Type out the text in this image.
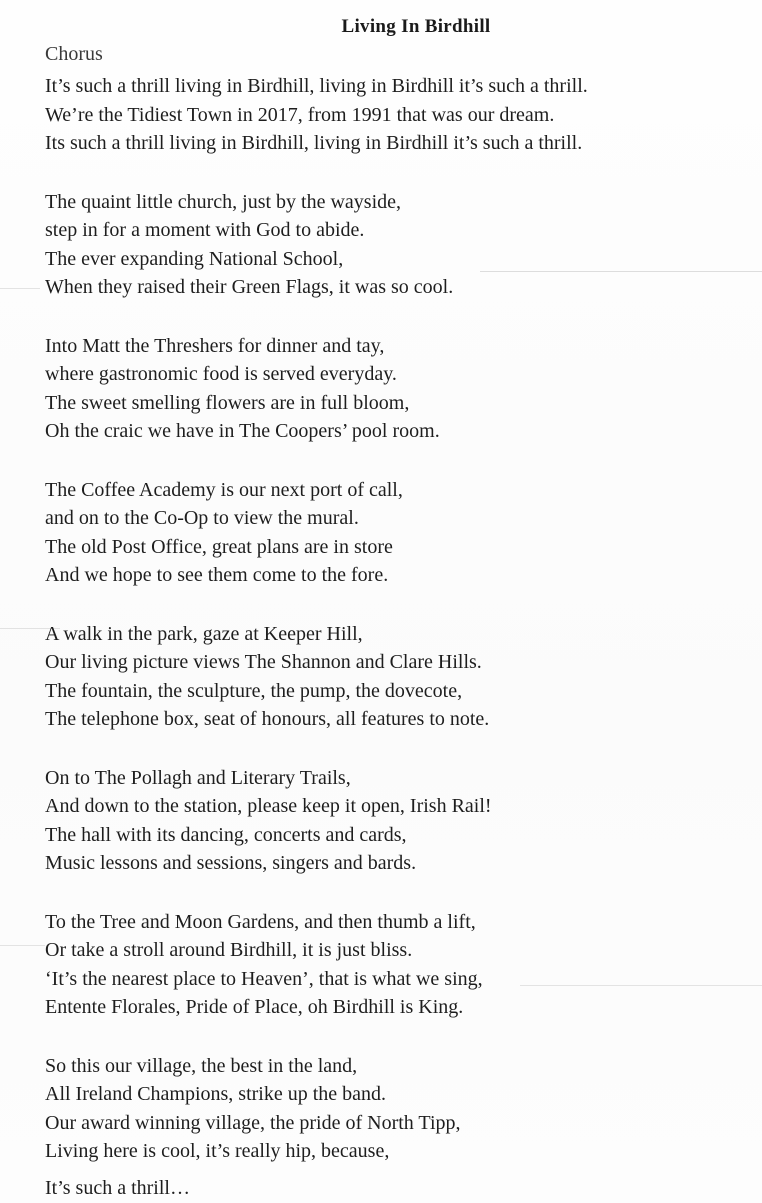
Living In Birdhill
Chorus
It’s such a thrill living in Birdhill, living in Birdhill it’s such a thrill.
We’re the Tidiest Town in 2017, from 1991 that was our dream.
Its such a thrill living in Birdhill, living in Birdhill it’s such a thrill.
The quaint little church, just by the wayside,
step in for a moment with God to abide.
The ever expanding National School,
When they raised their Green Flags, it was so cool.
Into Matt the Threshers for dinner and tay,
where gastronomic food is served everyday.
The sweet smelling flowers are in full bloom,
Oh the craic we have in The Coopers’ pool room.
The Coffee Academy is our next port of call,
and on to the Co-Op to view the mural.
The old Post Office, great plans are in store
And we hope to see them come to the fore.
A walk in the park, gaze at Keeper Hill,
Our living picture views The Shannon and Clare Hills.
The fountain, the sculpture, the pump, the dovecote,
The telephone box, seat of honours, all features to note.
On to The Pollagh and Literary Trails,
And down to the station, please keep it open, Irish Rail!
The hall with its dancing, concerts and cards,
Music lessons and sessions, singers and bards.
To the Tree and Moon Gardens, and then thumb a lift,
Or take a stroll around Birdhill, it is just bliss.
‘It’s the nearest place to Heaven’, that is what we sing,
Entente Florales, Pride of Place, oh Birdhill is King.
So this our village, the best in the land,
All Ireland Champions, strike up the band.
Our award winning village, the pride of North Tipp,
Living here is cool, it’s really hip, because,
It’s such a thrill…
